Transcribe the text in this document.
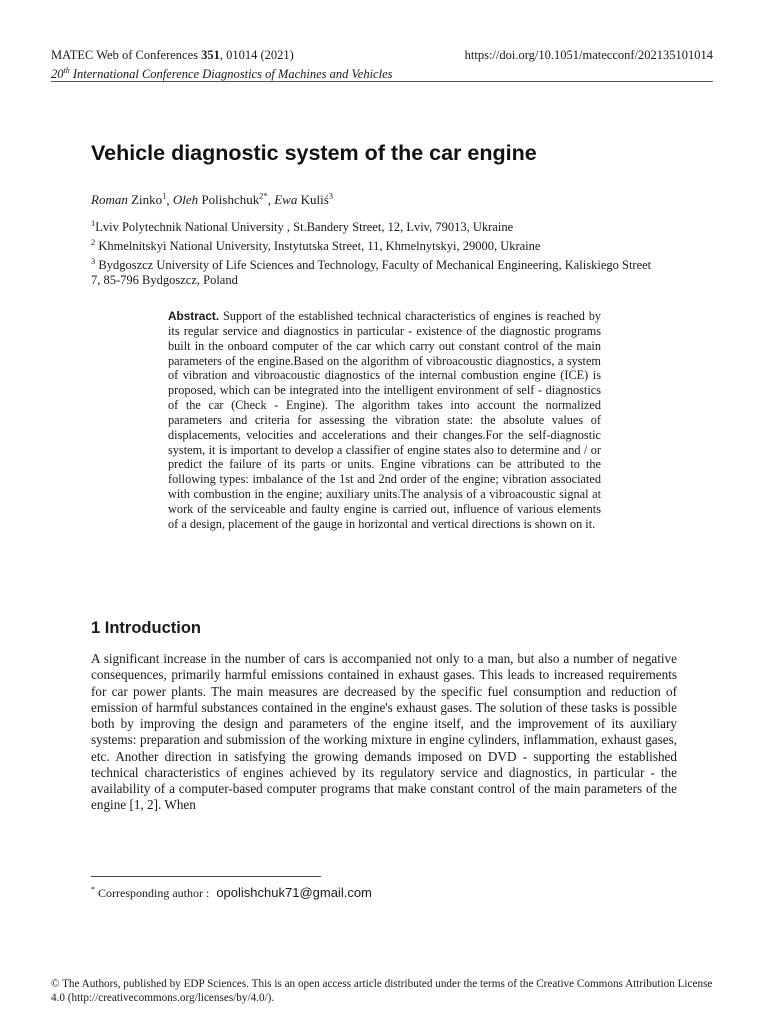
MATEC Web of Conferences 351, 01014 (2021)	https://doi.org/10.1051/matecconf/202135101014
20th International Conference Diagnostics of Machines and Vehicles
Vehicle diagnostic system of the car engine
Roman Zinko$^1$, Oleh Polishchuk$^{2*}$, Ewa Kuliś$^3$
$^1$Lviv Polytechnik National University , St.Bandery Street, 12, Lviv, 79013, Ukraine
$^2$ Khmelnitskyi National University, Instytutska Street, 11, Khmelnytskyi, 29000, Ukraine
$^3$ Bydgoszcz University of Life Sciences and Technology, Faculty of Mechanical Engineering, Kaliskiego Street 7, 85-796 Bydgoszcz, Poland

Abstract. Support of the established technical characteristics of engines is reached by its regular service and diagnostics in particular - existence of the diagnostic programs built in the onboard computer of the car which carry out constant control of the main parameters of the engine.Based on the algorithm of vibroacoustic diagnostics, a system of vibration and vibroacoustic diagnostics of the internal combustion engine (ICE) is proposed, which can be integrated into the intelligent environment of self - diagnostics of the car (Check - Engine). The algorithm takes into account the normalized parameters and criteria for assessing the vibration state: the absolute values of displacements, velocities and accelerations and their changes.For the self-diagnostic system, it is important to develop a classifier of engine states also to determine and / or predict the failure of its parts or units. Engine vibrations can be attributed to the following types: imbalance of the 1st and 2nd order of the engine; vibration associated with combustion in the engine; auxiliary units.The analysis of a vibroacoustic signal at work of the serviceable and faulty engine is carried out, influence of various elements of a design, placement of the gauge in horizontal and vertical directions is shown on it.

1 Introduction

A significant increase in the number of cars is accompanied not only to a man, but also a number of negative consequences, primarily harmful emissions contained in exhaust gases. This leads to increased requirements for car power plants. The main measures are decreased by the specific fuel consumption and reduction of emission of harmful substances contained in the engine's exhaust gases. The solution of these tasks is possible both by improving the design and parameters of the engine itself, and the improvement of its auxiliary systems: preparation and submission of the working mixture in engine cylinders, inflammation, exhaust gases, etc. Another direction in satisfying the growing demands imposed on DVD - supporting the established technical characteristics of engines achieved by its regulatory service and diagnostics, in particular - the availability of a computer-based computer programs that make constant control of the main parameters of the engine [1, 2]. When

* Corresponding author : opolishchuk71@gmail.com
© The Authors, published by EDP Sciences. This is an open access article distributed under the terms of the Creative Commons Attribution License 4.0 (http://creativecommons.org/licenses/by/4.0/).
